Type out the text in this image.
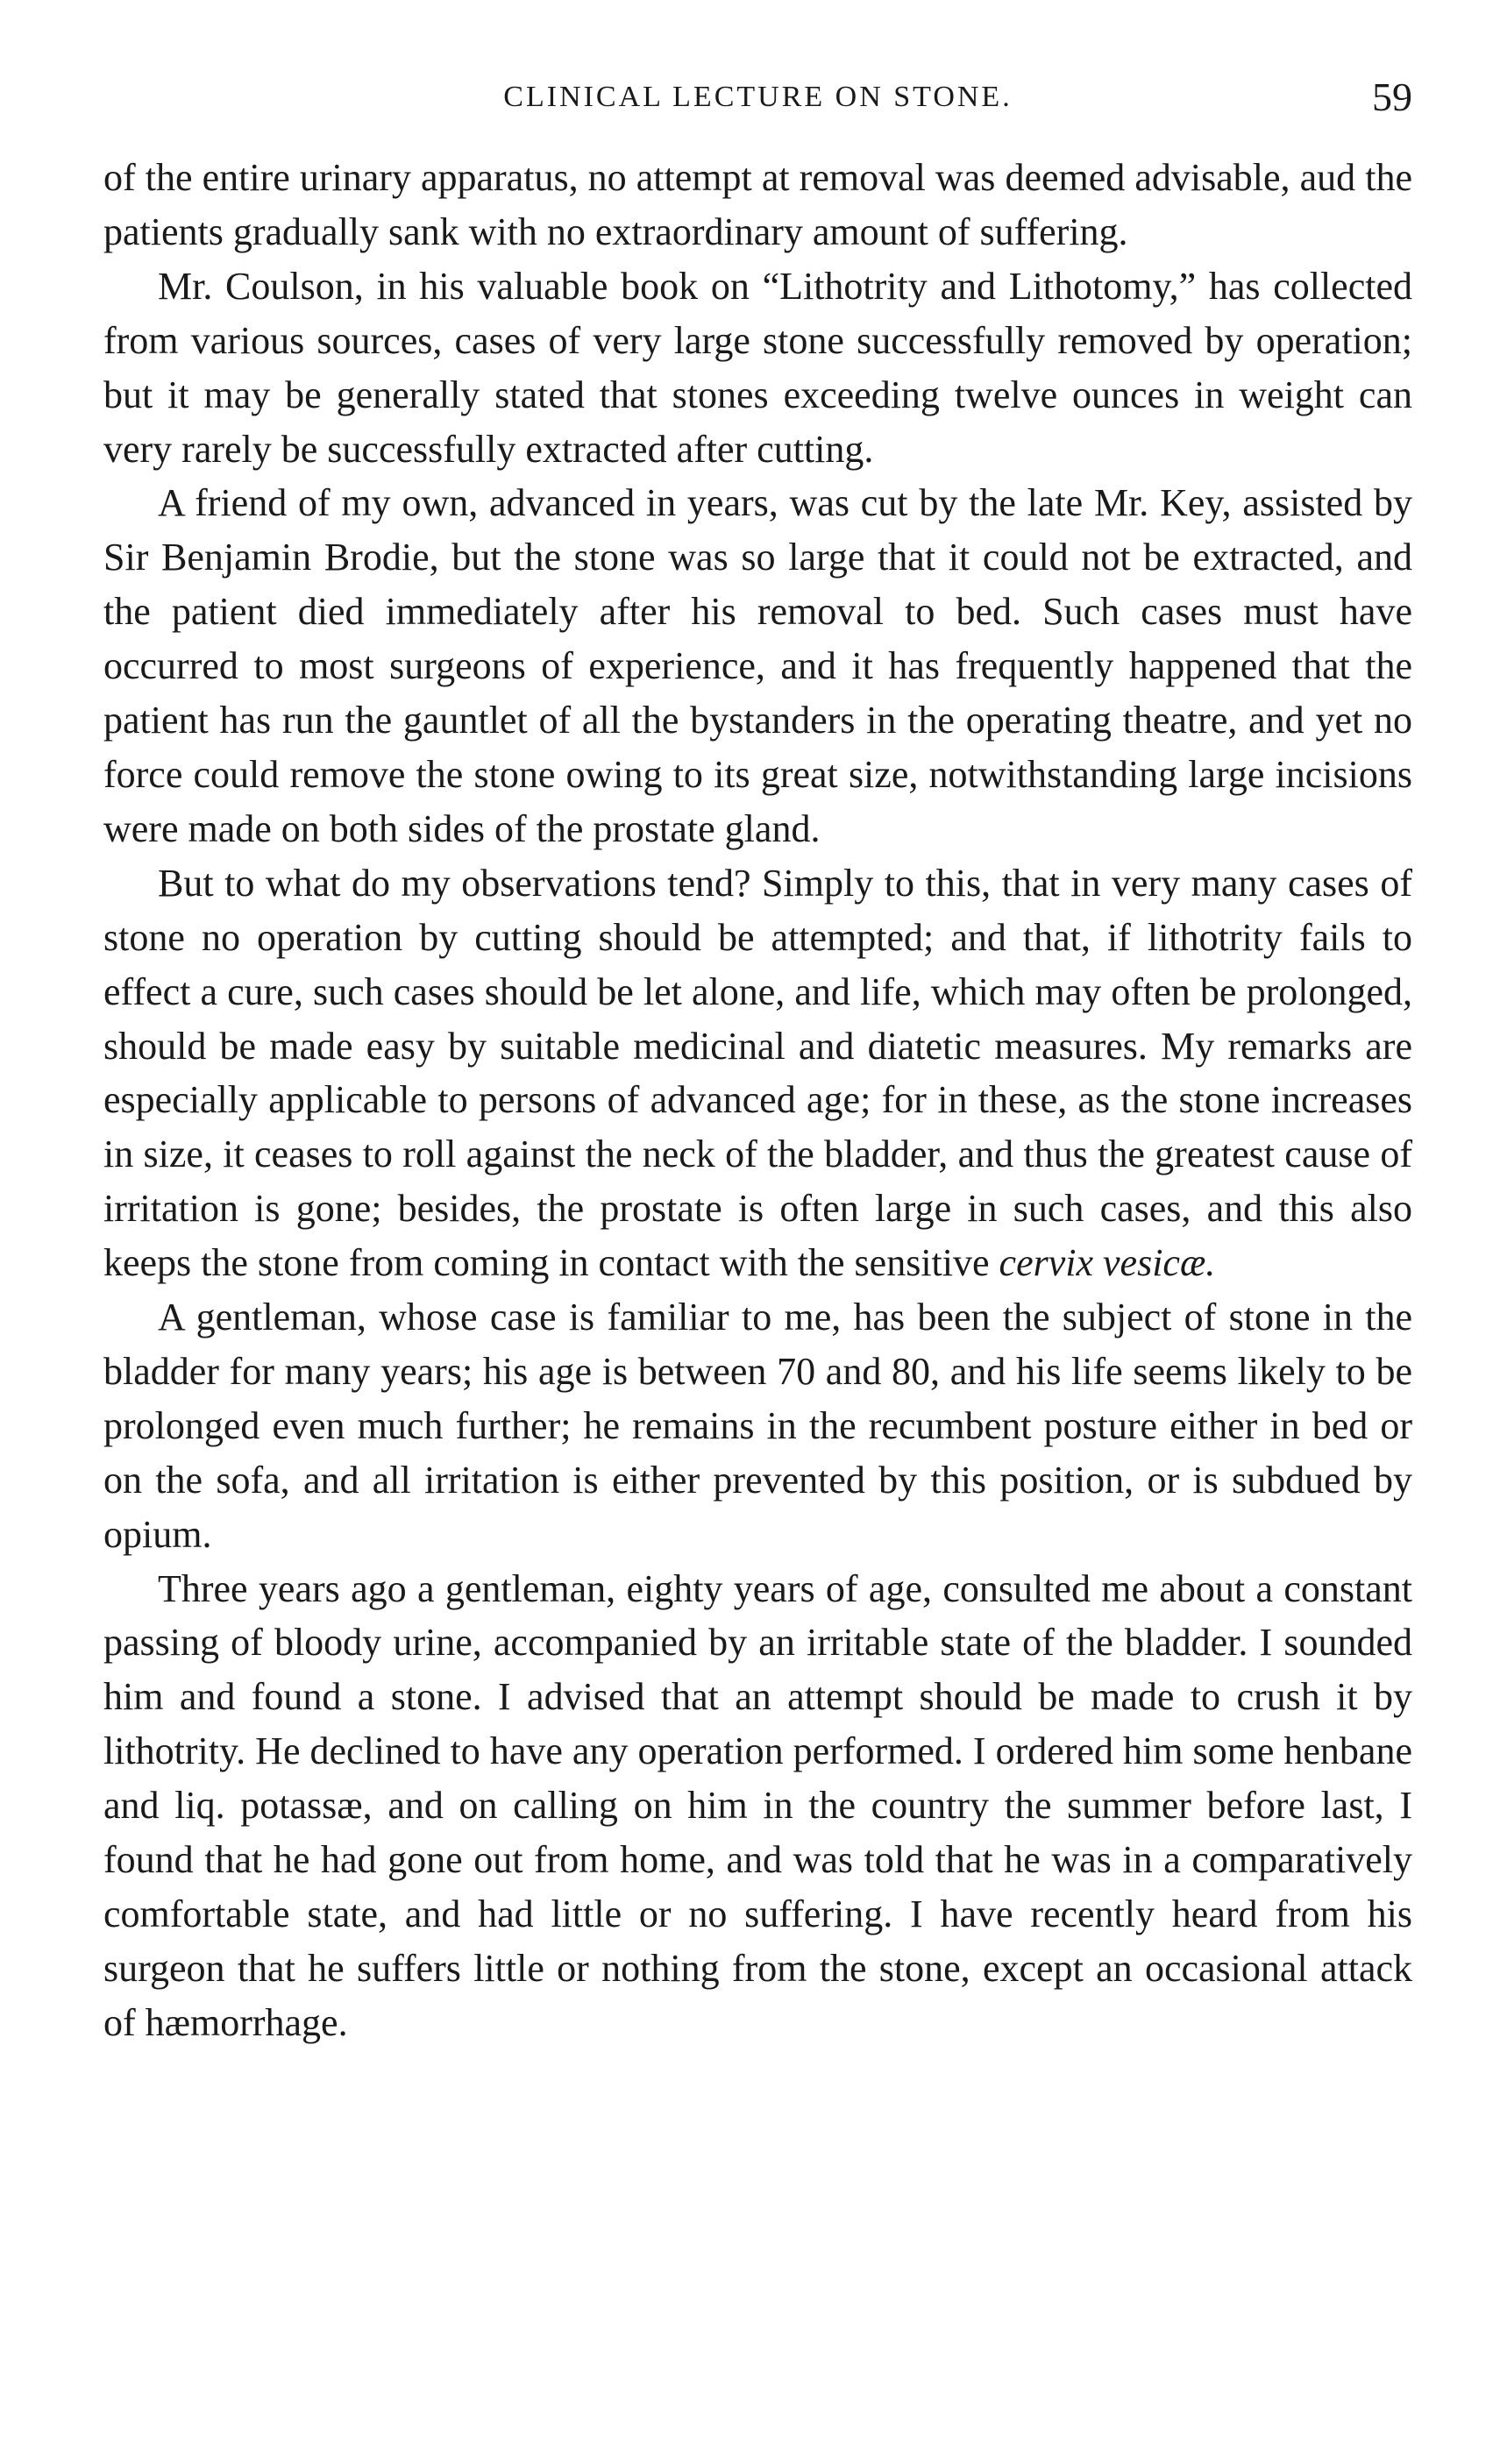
CLINICAL LECTURE ON STONE.	59

of the entire urinary apparatus, no attempt at removal was deemed advisable, aud the patients gradually sank with no extraordinary amount of suffering.

Mr. Coulson, in his valuable book on “Lithotrity and Lithotomy,” has collected from various sources, cases of very large stone successfully removed by operation; but it may be generally stated that stones exceeding twelve ounces in weight can very rarely be successfully extracted after cutting.

A friend of my own, advanced in years, was cut by the late Mr. Key, assisted by Sir Benjamin Brodie, but the stone was so large that it could not be extracted, and the patient died immediately after his removal to bed. Such cases must have occurred to most surgeons of experience, and it has frequently happened that the patient has run the gauntlet of all the bystanders in the operating theatre, and yet no force could remove the stone owing to its great size, notwithstanding large incisions were made on both sides of the prostate gland.

But to what do my observations tend? Simply to this, that in very many cases of stone no operation by cutting should be attempted; and that, if lithotrity fails to effect a cure, such cases should be let alone, and life, which may often be prolonged, should be made easy by suitable medicinal and diatetic measures. My remarks are especially applicable to persons of advanced age; for in these, as the stone increases in size, it ceases to roll against the neck of the bladder, and thus the greatest cause of irritation is gone; besides, the prostate is often large in such cases, and this also keeps the stone from coming in contact with the sensitive cervix vesicæ.

A gentleman, whose case is familiar to me, has been the subject of stone in the bladder for many years; his age is between 70 and 80, and his life seems likely to be prolonged even much further; he remains in the recumbent posture either in bed or on the sofa, and all irritation is either prevented by this position, or is subdued by opium.

Three years ago a gentleman, eighty years of age, consulted me about a constant passing of bloody urine, accompanied by an irritable state of the bladder. I sounded him and found a stone. I advised that an attempt should be made to crush it by lithotrity. He declined to have any operation performed. I ordered him some henbane and liq. potassæ, and on calling on him in the country the summer before last, I found that he had gone out from home, and was told that he was in a comparatively comfortable state, and had little or no suffering. I have recently heard from his surgeon that he suffers little or nothing from the stone, except an occasional attack of hæmorrhage.
